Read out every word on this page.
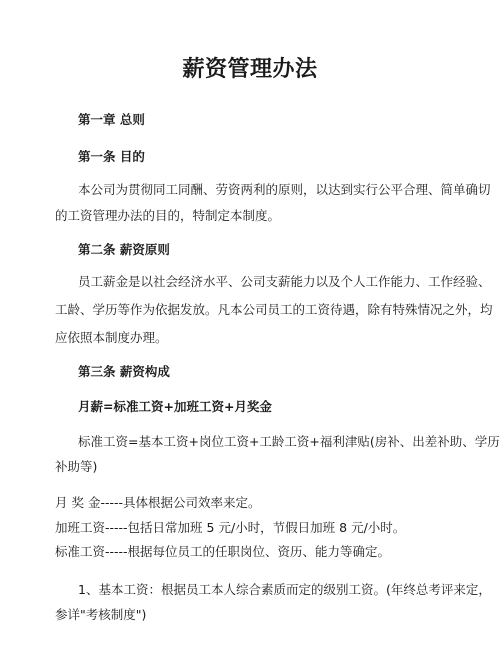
薪资管理办法
第一章 总则
第一条 目的
本公司为贯彻同工同酬、劳资两利的原则，以达到实行公平合理、简单确切
的工资管理办法的目的，特制定本制度。
第二条 薪资原则
员工薪金是以社会经济水平、公司支薪能力以及个人工作能力、工作经验、
工龄、学历等作为依据发放。凡本公司员工的工资待遇，除有特殊情况之外，均
应依照本制度办理。
第三条 薪资构成
月薪=标准工资+加班工资+月奖金
标准工资=基本工资+岗位工资+工龄工资+福利津贴(房补、出差补助、学历
补助等)
月 奖 金-----具体根据公司效率来定。
加班工资-----包括日常加班 5 元/小时，节假日加班 8 元/小时。
标准工资-----根据每位员工的任职岗位、资历、能力等确定。
1、基本工资：根据员工本人综合素质而定的级别工资。(年终总考评来定，
参详"考核制度")
